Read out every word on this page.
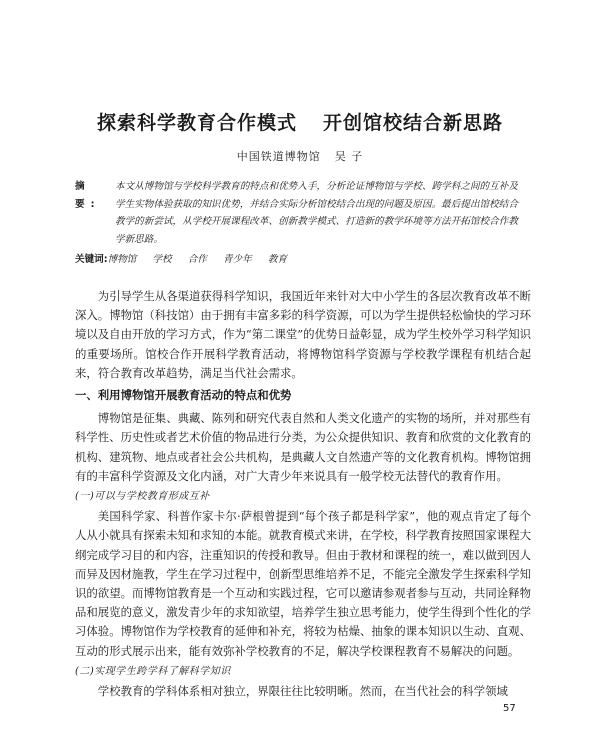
探索科学教育合作模式 开创馆校结合新思路
中国铁道博物馆 吴 子
摘 要:
本文从博物馆与学校科学教育的特点和优势入手，分析论证博物馆与学校、跨学科之间的互补及学生实物体验获取的知识优势，并结合实际分析馆校结合出现的问题及原因。最后提出馆校结合教学的新尝试，从学校开展课程改革、创新教学模式、打造新的教学环境等方法开拓馆校合作教学新思路。
关键词: 博物馆 学校 合作 青少年 教育

为引导学生从各渠道获得科学知识，我国近年来针对大中小学生的各层次教育改革不断深入。博物馆（科技馆）由于拥有丰富多彩的科学资源，可以为学生提供轻松愉快的学习环境以及自由开放的学习方式，作为“第二课堂”的优势日益彰显，成为学生校外学习科学知识的重要场所。馆校合作开展科学教育活动，将博物馆科学资源与学校教学课程有机结合起来，符合教育改革趋势，满足当代社会需求。

一、利用博物馆开展教育活动的特点和优势

博物馆是征集、典藏、陈列和研究代表自然和人类文化遗产的实物的场所，并对那些有科学性、历史性或者艺术价值的物品进行分类，为公众提供知识、教育和欣赏的文化教育的机构、建筑物、地点或者社会公共机构，是典藏人文自然遗产等的文化教育机构。博物馆拥有的丰富科学资源及文化内涵，对广大青少年来说具有一般学校无法替代的教育作用。

(一)可以与学校教育形成互补

美国科学家、科普作家卡尔·萨根曾提到“每个孩子都是科学家”，他的观点肯定了每个人从小就具有探索未知和求知的本能。就教育模式来讲，在学校，科学教育按照国家课程大纲完成学习目的和内容，注重知识的传授和教导。但由于教材和课程的统一，难以做到因人而异及因材施教，学生在学习过程中，创新型思维培养不足，不能完全激发学生探索科学知识的欲望。而博物馆教育是一个互动和实践过程，它可以邀请参观者参与互动，共同诠释物品和展览的意义，激发青少年的求知欲望，培养学生独立思考能力，使学生得到个性化的学习体验。博物馆作为学校教育的延伸和补充，将较为枯燥、抽象的课本知识以生动、直观、互动的形式展示出来，能有效弥补学校教育的不足，解决学校课程教育不易解决的问题。

(二)实现学生跨学科了解科学知识

学校教育的学科体系相对独立，界限往往比较明晰。然而，在当代社会的科学领域

57
